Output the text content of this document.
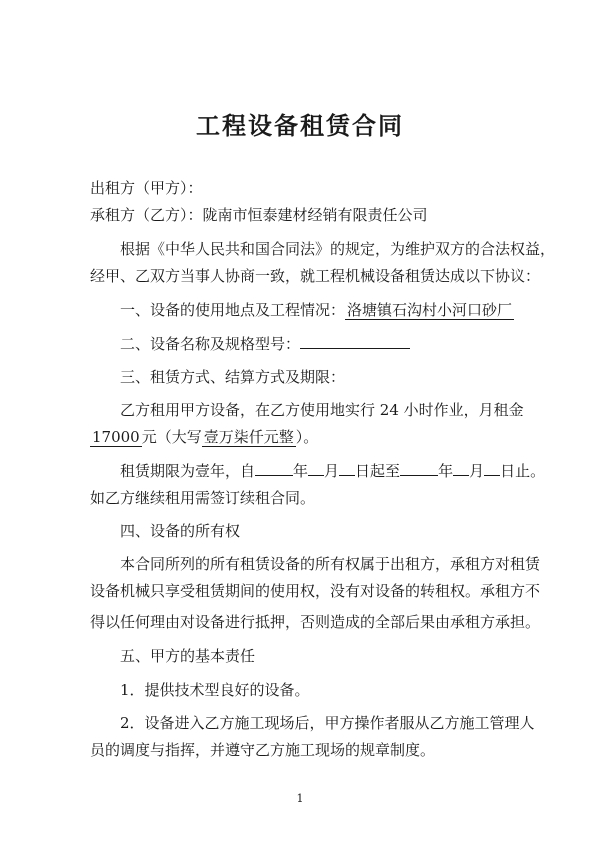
工程设备租赁合同
出租方（甲方）：
承租方（乙方）：陇南市恒泰建材经销有限责任公司
根据《中华人民共和国合同法》的规定，为维护双方的合法权益，
经甲、乙双方当事人协商一致，就工程机械设备租赁达成以下协议：
一、设备的使用地点及工程情况： 洛塘镇石沟村小河口砂厂
二、设备名称及规格型号：
三、租赁方式、结算方式及期限：
乙方租用甲方设备，在乙方使用地实行 24 小时作业，月租金
17000 元（大写 壹万柒仟元整 ）。
租赁期限为壹年，自	年 月 日起至	年 月 日止。
如乙方继续租用需签订续租合同。
四、设备的所有权
本合同所列的所有租赁设备的所有权属于出租方，承租方对租赁
设备机械只享受租赁期间的使用权，没有对设备的转租权。承租方不
得以任何理由对设备进行抵押，否则造成的全部后果由承租方承担。
五、甲方的基本责任
1．提供技术型良好的设备。
2．设备进入乙方施工现场后，甲方操作者服从乙方施工管理人
员的调度与指挥，并遵守乙方施工现场的规章制度。
1
